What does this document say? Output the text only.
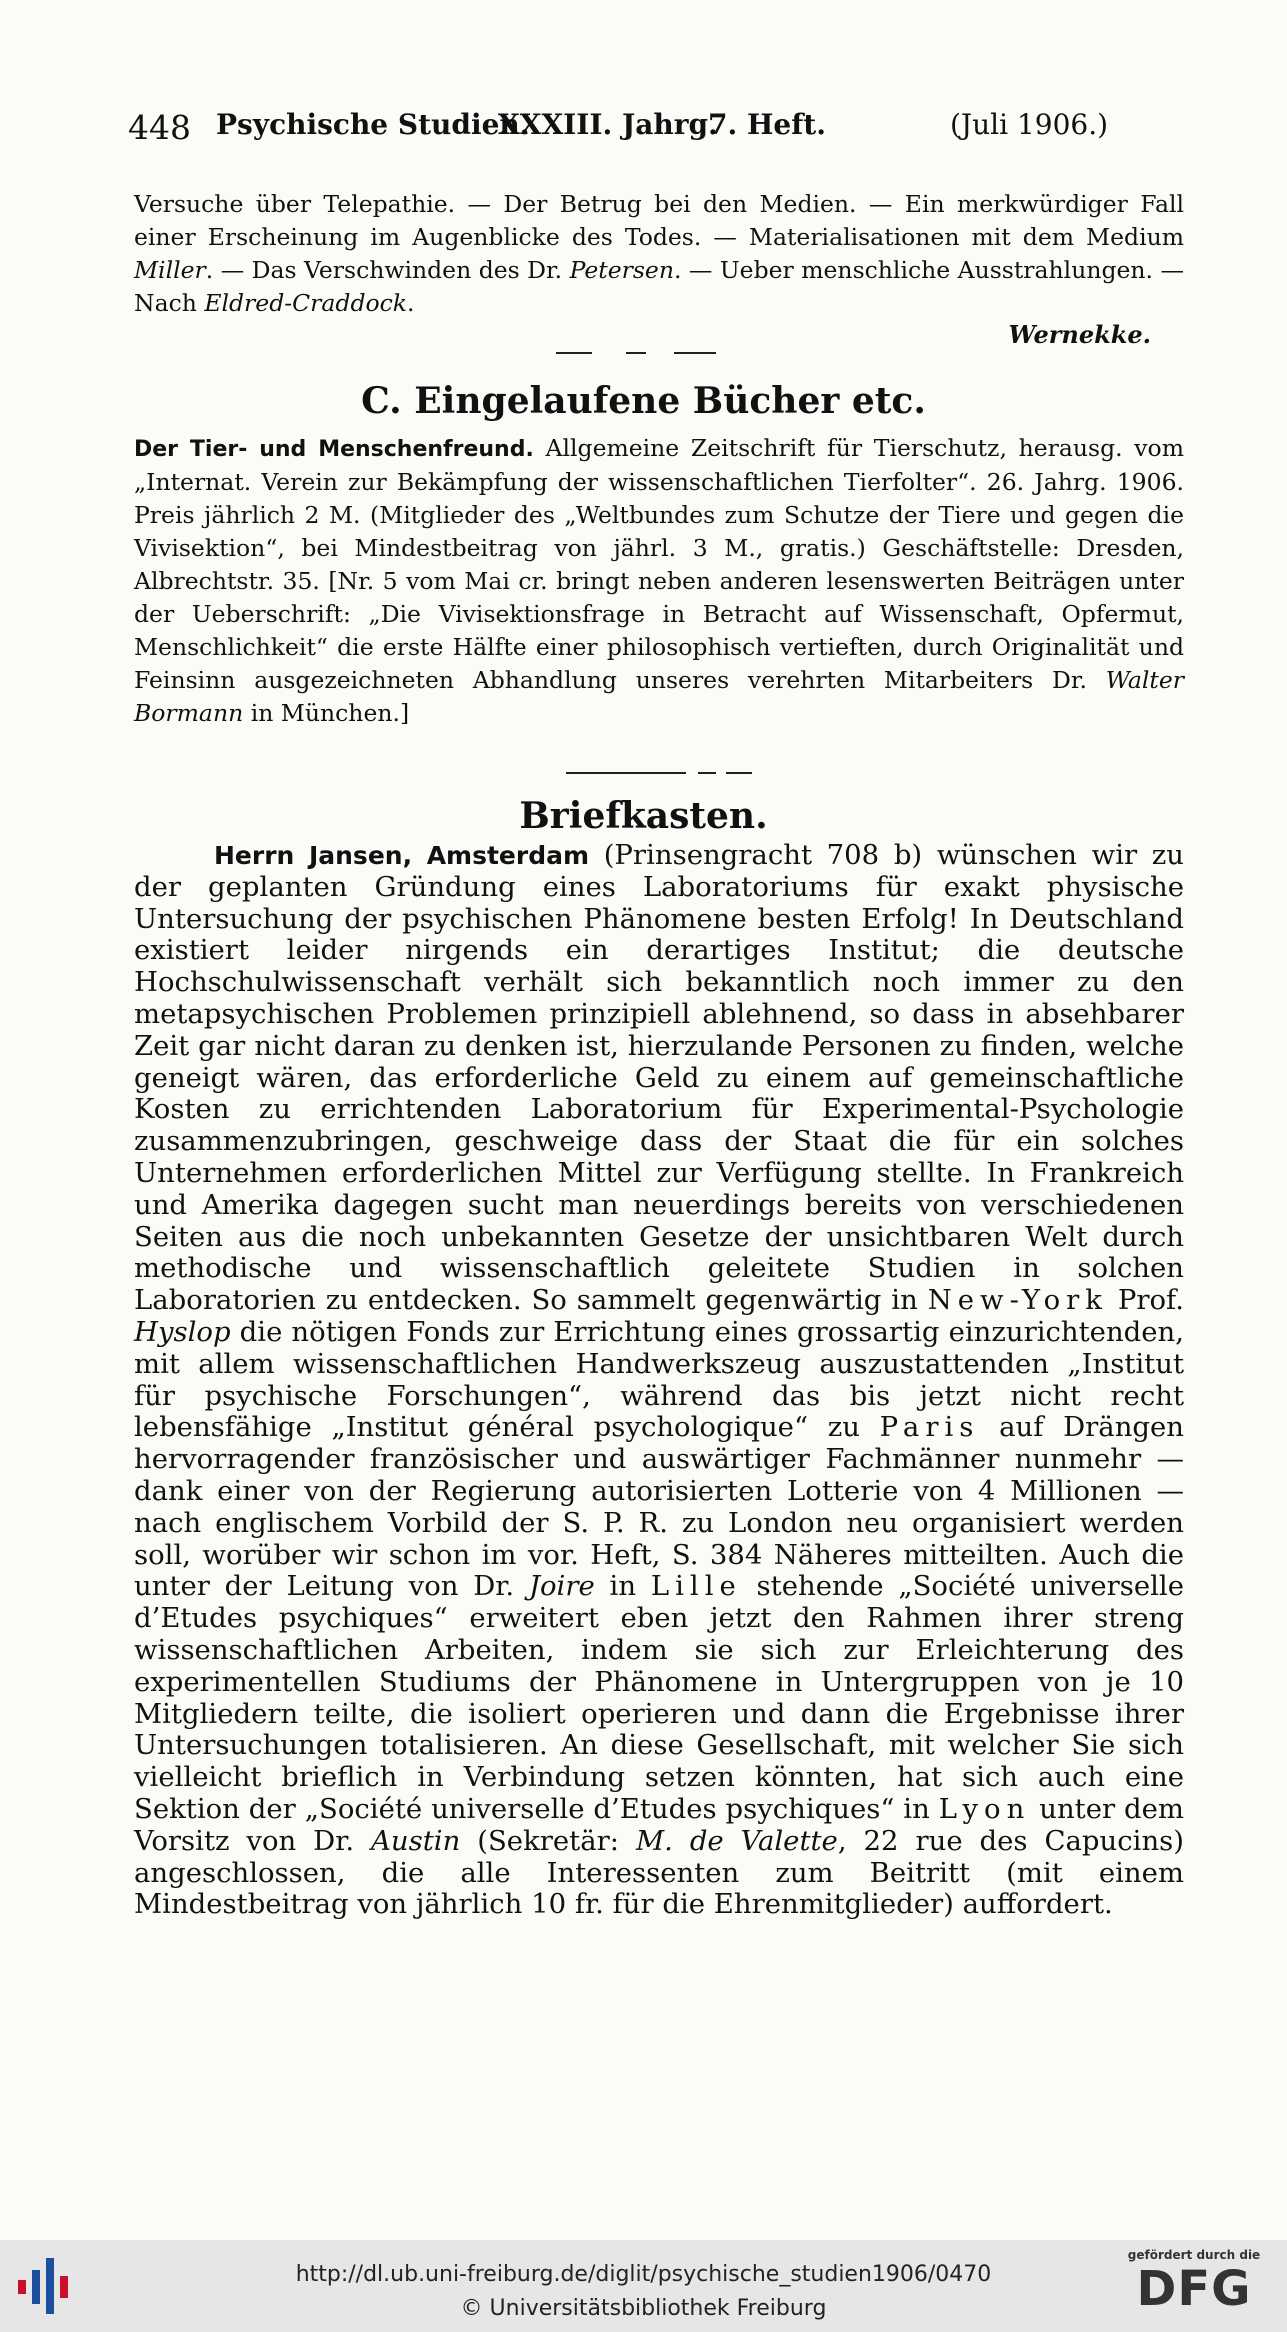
448 Psychische Studien.
XXXIII. Jahrg.
7. Heft.	(Juli 1906.)
Versuche über Telepathie. — Der Betrug bei den Medien. — Ein merkwürdiger Fall einer Erscheinung im Augenblicke des Todes. — Materialisationen mit dem Medium Miller. — Das Verschwinden des Dr. Petersen. — Ueber menschliche Ausstrahlungen. — Nach Eldred-Craddock.
Wernekke.
C. Eingelaufene Bücher etc.
Der Tier- und Menschenfreund. Allgemeine Zeitschrift für Tierschutz, herausg. vom „Internat. Verein zur Bekämpfung der wissenschaftlichen Tierfolter“. 26. Jahrg. 1906. Preis jährlich 2 M. (Mitglieder des „Weltbundes zum Schutze der Tiere und gegen die Vivisektion“, bei Mindestbeitrag von jährl. 3 M., gratis.) Geschäftstelle: Dresden, Albrechtstr. 35. [Nr. 5 vom Mai cr. bringt neben anderen lesenswerten Beiträgen unter der Ueberschrift: „Die Vivisektionsfrage in Betracht auf Wissenschaft, Opfermut, Menschlichkeit“ die erste Hälfte einer philosophisch vertieften, durch Originalität und Feinsinn ausgezeichneten Abhandlung unseres verehrten Mitarbeiters Dr. Walter Bormann in München.]
Briefkasten.
Herrn Jansen, Amsterdam (Prinsengracht 708 b) wünschen wir zu der geplanten Gründung eines Laboratoriums für exakt physische Untersuchung der psychischen Phänomene besten Erfolg! In Deutschland existiert leider nirgends ein derartiges Institut; die deutsche Hochschulwissenschaft verhält sich bekanntlich noch immer zu den metapsychischen Problemen prinzipiell ablehnend, so dass in absehbarer Zeit gar nicht daran zu denken ist, hierzulande Personen zu finden, welche geneigt wären, das erforderliche Geld zu einem auf gemeinschaftliche Kosten zu errichtenden Laboratorium für Experimental-Psychologie zusammenzubringen, geschweige dass der Staat die für ein solches Unternehmen erforderlichen Mittel zur Verfügung stellte. In Frankreich und Amerika dagegen sucht man neuerdings bereits von verschiedenen Seiten aus die noch unbekannten Gesetze der unsichtbaren Welt durch methodische und wissenschaftlich geleitete Studien in solchen Laboratorien zu entdecken. So sammelt gegenwärtig in New-York Prof. Hyslop die nötigen Fonds zur Errichtung eines grossartig einzurichtenden, mit allem wissenschaftlichen Handwerkszeug auszustattenden „Institut für psychische Forschungen“, während das bis jetzt nicht recht lebensfähige „Institut général psychologique“ zu Paris auf Drängen hervorragender französischer und auswärtiger Fachmänner nunmehr — dank einer von der Regierung autorisierten Lotterie von 4 Millionen — nach englischem Vorbild der S. P. R. zu London neu organisiert werden soll, worüber wir schon im vor. Heft, S. 384 Näheres mitteilten. Auch die unter der Leitung von Dr. Joire in Lille stehende „Société universelle d’Etudes psychiques“ erweitert eben jetzt den Rahmen ihrer streng wissenschaftlichen Arbeiten, indem sie sich zur Erleichterung des experimentellen Studiums der Phänomene in Untergruppen von je 10 Mitgliedern teilte, die isoliert operieren und dann die Ergebnisse ihrer Untersuchungen totalisieren. An diese Gesellschaft, mit welcher Sie sich vielleicht brieflich in Verbindung setzen könnten, hat sich auch eine Sektion der „Société universelle d’Etudes psychiques“ in Lyon unter dem Vorsitz von Dr. Austin (Sekretär: M. de Valette, 22 rue des Capucins) angeschlossen, die alle Interessenten zum Beitritt (mit einem Mindestbeitrag von jährlich 10 fr. für die Ehrenmitglieder) auffordert.
http://dl.ub.uni-freiburg.de/diglit/psychische_studien1906/0470
© Universitätsbibliothek Freiburg
gefördert durch die
DFG
